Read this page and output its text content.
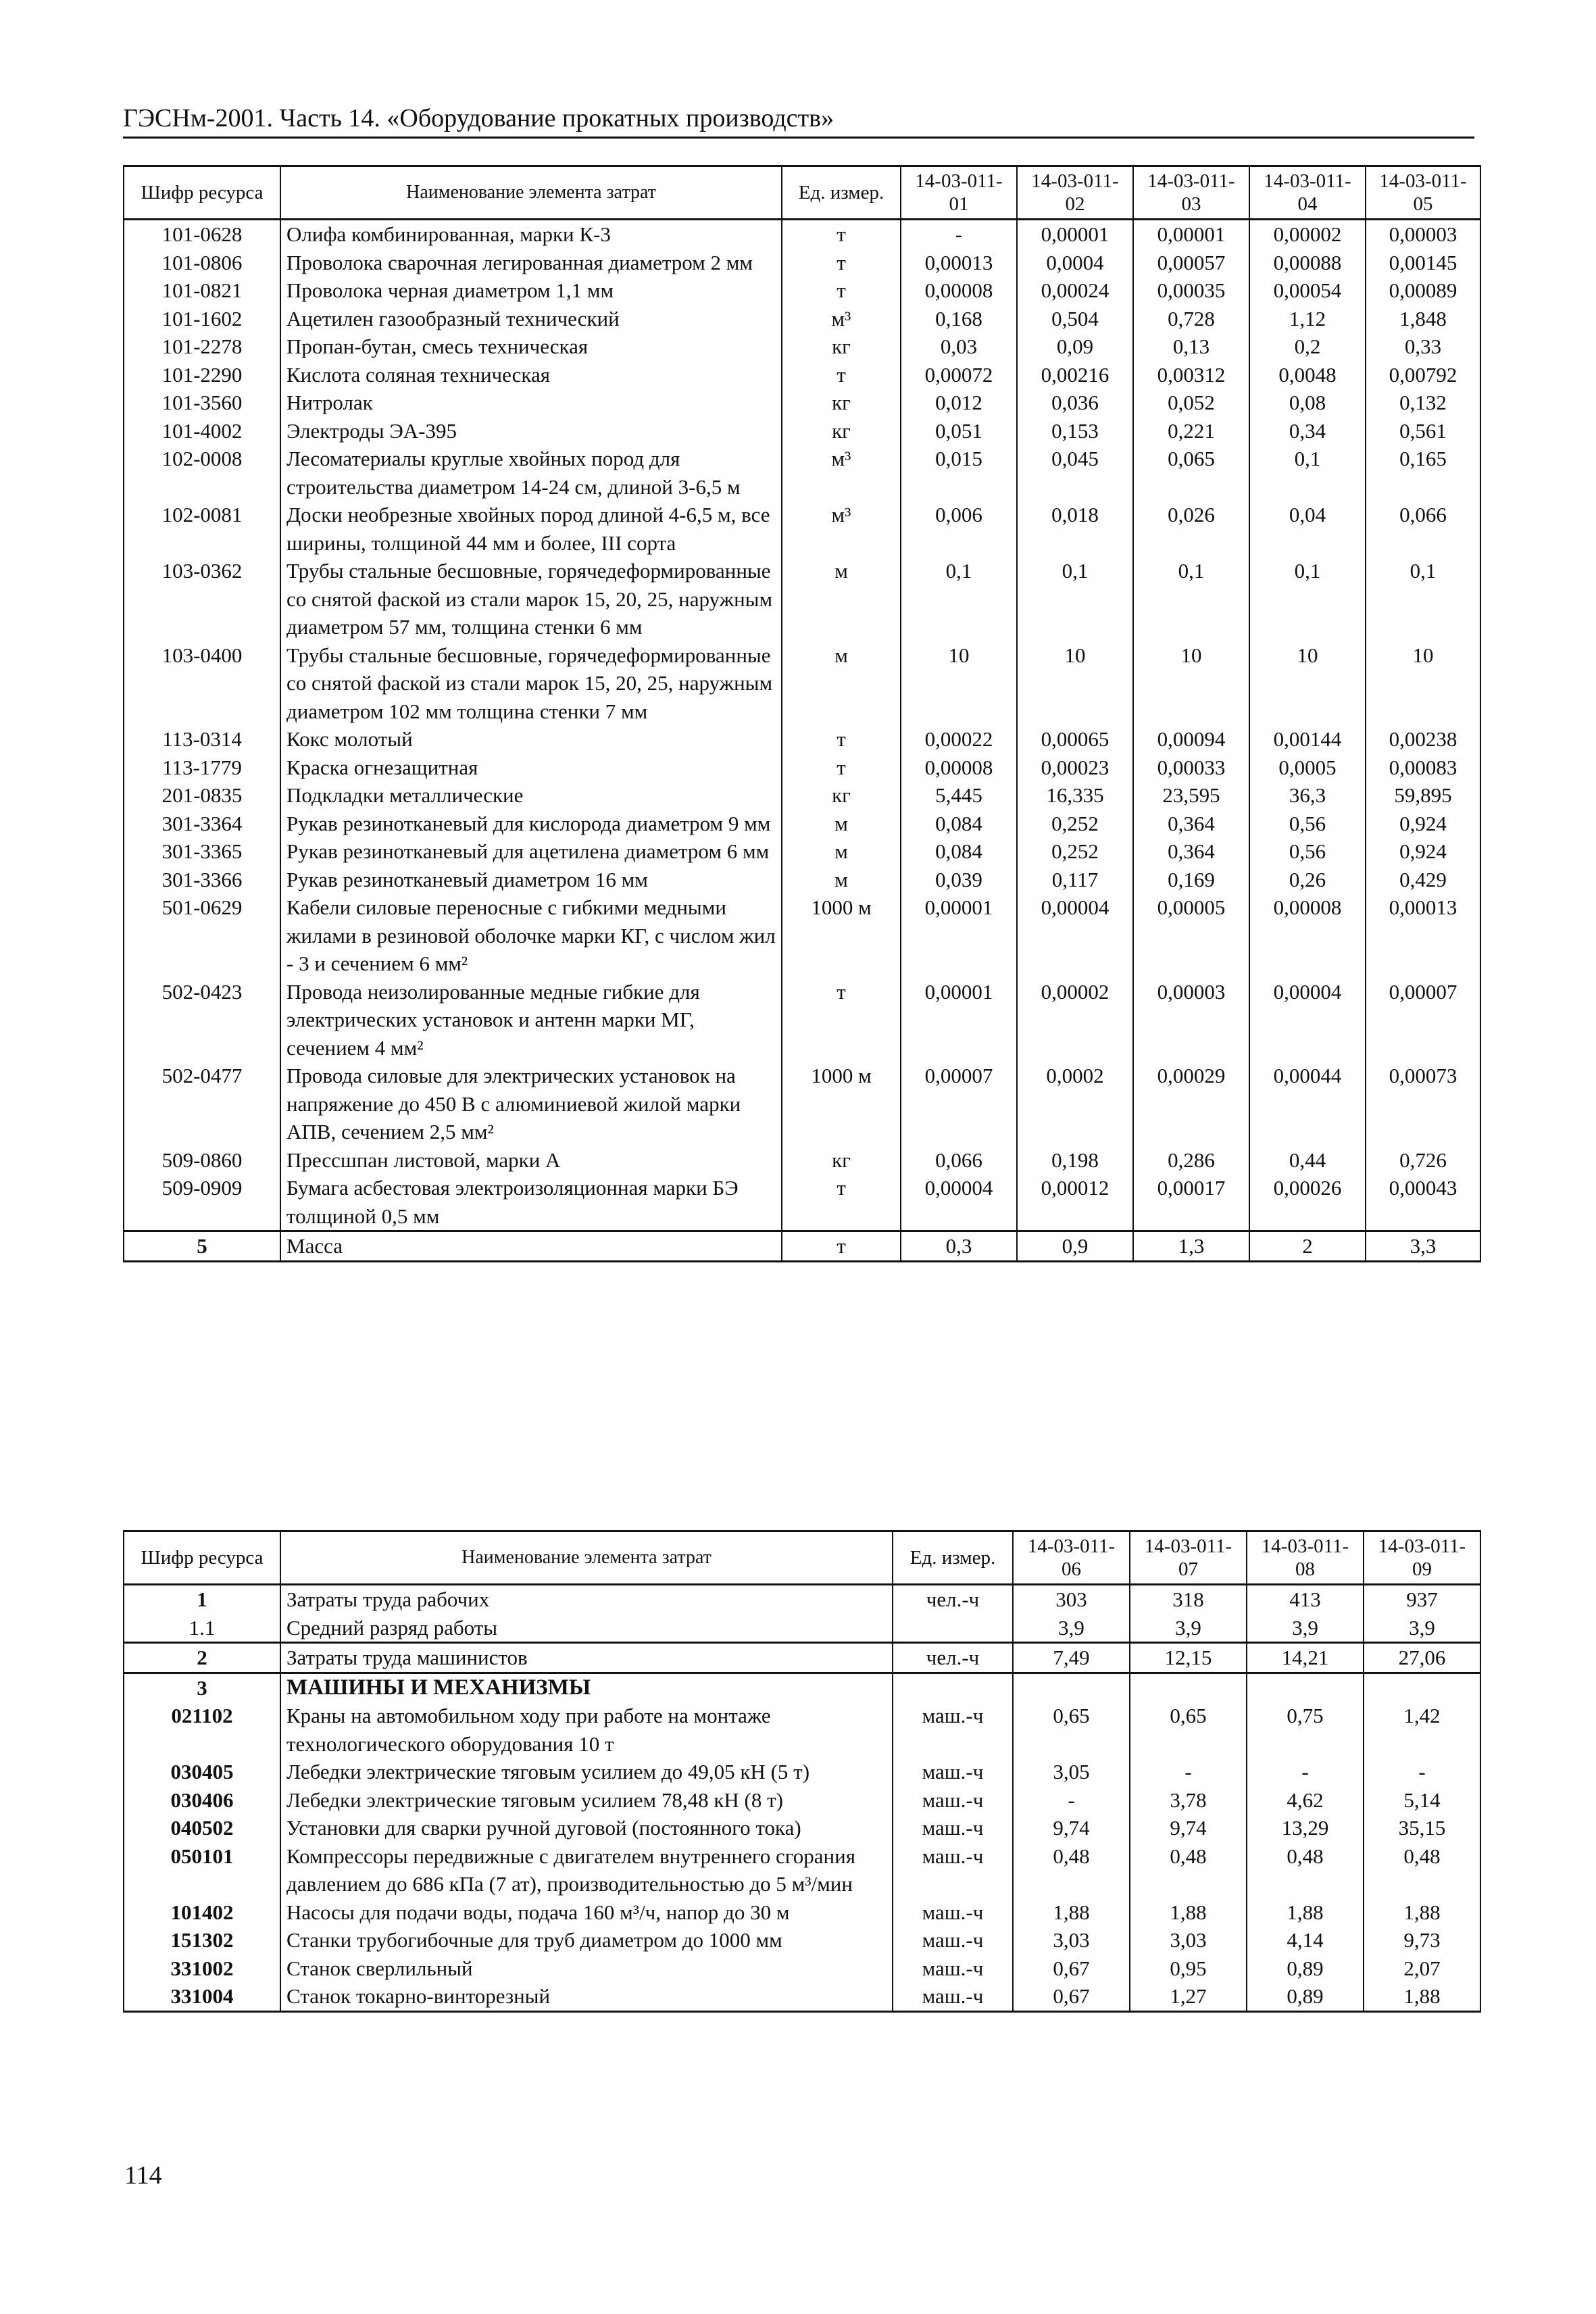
ГЭСНм-2001. Часть 14. «Оборудование прокатных производств»
Шифр ресурса	Наименование элемента затрат	Ед. измер.	14-03-011-01	14-03-011-02	14-03-011-03	14-03-011-04	14-03-011-05
101-0628	Олифа комбинированная, марки К-3	т	-	0,00001	0,00001	0,00002	0,00003
101-0806	Проволока сварочная легированная диаметром 2 мм	т	0,00013	0,0004	0,00057	0,00088	0,00145
101-0821	Проволока черная диаметром 1,1 мм	т	0,00008	0,00024	0,00035	0,00054	0,00089
101-1602	Ацетилен газообразный технический	м³	0,168	0,504	0,728	1,12	1,848
101-2278	Пропан-бутан, смесь техническая	кг	0,03	0,09	0,13	0,2	0,33
101-2290	Кислота соляная техническая	т	0,00072	0,00216	0,00312	0,0048	0,00792
101-3560	Нитролак	кг	0,012	0,036	0,052	0,08	0,132
101-4002	Электроды ЭА-395	кг	0,051	0,153	0,221	0,34	0,561
102-0008	Лесоматериалы круглые хвойных пород для строительства диаметром 14-24 см, длиной 3-6,5 м	м³	0,015	0,045	0,065	0,1	0,165
102-0081	Доски необрезные хвойных пород длиной 4-6,5 м, все ширины, толщиной 44 мм и более, III сорта	м³	0,006	0,018	0,026	0,04	0,066
103-0362	Трубы стальные бесшовные, горячедеформированные со снятой фаской из стали марок 15, 20, 25, наружным диаметром 57 мм, толщина стенки 6 мм	м	0,1	0,1	0,1	0,1	0,1
103-0400	Трубы стальные бесшовные, горячедеформированные со снятой фаской из стали марок 15, 20, 25, наружным диаметром 102 мм толщина стенки 7 мм	м	10	10	10	10	10
113-0314	Кокс молотый	т	0,00022	0,00065	0,00094	0,00144	0,00238
113-1779	Краска огнезащитная	т	0,00008	0,00023	0,00033	0,0005	0,00083
201-0835	Подкладки металлические	кг	5,445	16,335	23,595	36,3	59,895
301-3364	Рукав резинотканевый для кислорода диаметром 9 мм	м	0,084	0,252	0,364	0,56	0,924
301-3365	Рукав резинотканевый для ацетилена диаметром 6 мм	м	0,084	0,252	0,364	0,56	0,924
301-3366	Рукав резинотканевый диаметром 16 мм	м	0,039	0,117	0,169	0,26	0,429
501-0629	Кабели силовые переносные с гибкими медными жилами в резиновой оболочке марки КГ, с числом жил - 3 и сечением 6 мм²	1000 м	0,00001	0,00004	0,00005	0,00008	0,00013
502-0423	Провода неизолированные медные гибкие для электрических установок и антенн марки МГ, сечением 4 мм²	т	0,00001	0,00002	0,00003	0,00004	0,00007
502-0477	Провода силовые для электрических установок на напряжение до 450 В с алюминиевой жилой марки АПВ, сечением 2,5 мм²	1000 м	0,00007	0,0002	0,00029	0,00044	0,00073
509-0860	Прессшпан листовой, марки А	кг	0,066	0,198	0,286	0,44	0,726
509-0909	Бумага асбестовая электроизоляционная марки БЭ толщиной 0,5 мм	т	0,00004	0,00012	0,00017	0,00026	0,00043
5	Масса	т	0,3	0,9	1,3	2	3,3
Шифр ресурса	Наименование элемента затрат	Ед. измер.	14-03-011-06	14-03-011-07	14-03-011-08	14-03-011-09
1	Затраты труда рабочих	чел.-ч	303	318	413	937
1.1	Средний разряд работы		3,9	3,9	3,9	3,9
2	Затраты труда машинистов	чел.-ч	7,49	12,15	14,21	27,06
3	МАШИНЫ И МЕХАНИЗМЫ					
021102	Краны на автомобильном ходу при работе на монтаже технологического оборудования 10 т	маш.-ч	0,65	0,65	0,75	1,42
030405	Лебедки электрические тяговым усилием до 49,05 кН (5 т)	маш.-ч	3,05	-	-	-
030406	Лебедки электрические тяговым усилием 78,48 кН (8 т)	маш.-ч	-	3,78	4,62	5,14
040502	Установки для сварки ручной дуговой (постоянного тока)	маш.-ч	9,74	9,74	13,29	35,15
050101	Компрессоры передвижные с двигателем внутреннего сгорания давлением до 686 кПа (7 ат), производительностью до 5 м³/мин	маш.-ч	0,48	0,48	0,48	0,48
101402	Насосы для подачи воды, подача 160 м³/ч, напор до 30 м	маш.-ч	1,88	1,88	1,88	1,88
151302	Станки трубогибочные для труб диаметром до 1000 мм	маш.-ч	3,03	3,03	4,14	9,73
331002	Станок сверлильный	маш.-ч	0,67	0,95	0,89	2,07
331004	Станок токарно-винторезный	маш.-ч	0,67	1,27	0,89	1,88
114
